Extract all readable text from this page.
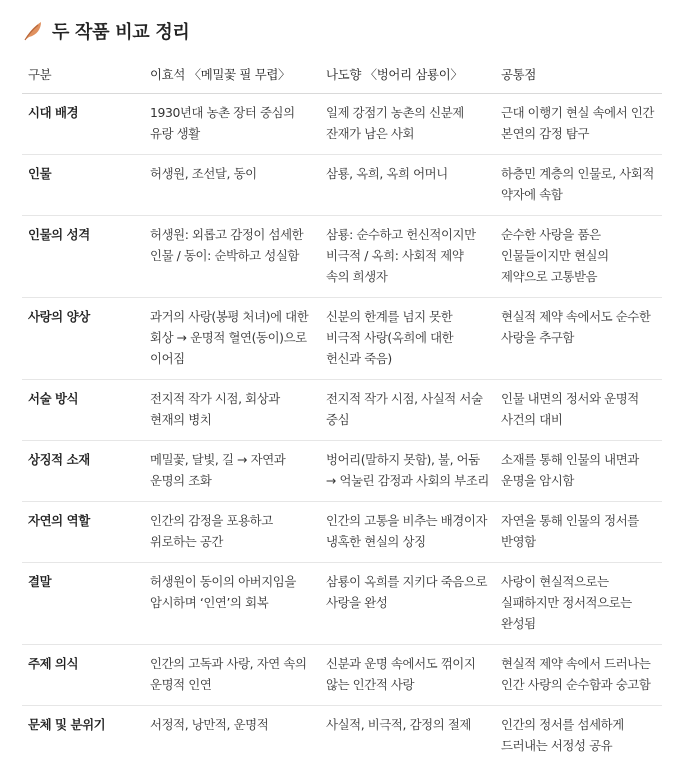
두 작품 비교 정리
구분	이효석 〈메밀꽃 필 무렵〉	나도향 〈벙어리 삼룡이〉	공통점
시대 배경	1930년대 농촌 장터 중심의 유랑 생활	일제 강점기 농촌의 신분제 잔재가 남은 사회	근대 이행기 현실 속에서 인간 본연의 감정 탐구
인물	허생원, 조선달, 동이	삼룡, 옥희, 옥희 어머니	하층민 계층의 인물로, 사회적 약자에 속함
인물의 성격	허생원: 외롭고 감정이 섬세한 인물 / 동이: 순박하고 성실함	삼룡: 순수하고 헌신적이지만 비극적 / 옥희: 사회적 제약 속의 희생자	순수한 사랑을 품은 인물들이지만 현실의 제약으로 고통받음
사랑의 양상	과거의 사랑(봉평 처녀)에 대한 회상 → 운명적 혈연(동이)으로 이어짐	신분의 한계를 넘지 못한 비극적 사랑(옥희에 대한 헌신과 죽음)	현실적 제약 속에서도 순수한 사랑을 추구함
서술 방식	전지적 작가 시점, 회상과 현재의 병치	전지적 작가 시점, 사실적 서술 중심	인물 내면의 정서와 운명적 사건의 대비
상징적 소재	메밀꽃, 달빛, 길 → 자연과 운명의 조화	벙어리(말하지 못함), 불, 어둠 → 억눌린 감정과 사회의 부조리	소재를 통해 인물의 내면과 운명을 암시함
자연의 역할	인간의 감정을 포용하고 위로하는 공간	인간의 고통을 비추는 배경이자 냉혹한 현실의 상징	자연을 통해 인물의 정서를 반영함
결말	허생원이 동이의 아버지임을 암시하며 ‘인연’의 회복	삼룡이 옥희를 지키다 죽음으로 사랑을 완성	사랑이 현실적으로는 실패하지만 정서적으로는 완성됨
주제 의식	인간의 고독과 사랑, 자연 속의 운명적 인연	신분과 운명 속에서도 꺾이지 않는 인간적 사랑	현실적 제약 속에서 드러나는 인간 사랑의 순수함과 숭고함
문체 및 분위기	서정적, 낭만적, 운명적	사실적, 비극적, 감정의 절제	인간의 정서를 섬세하게 드러내는 서정성 공유
